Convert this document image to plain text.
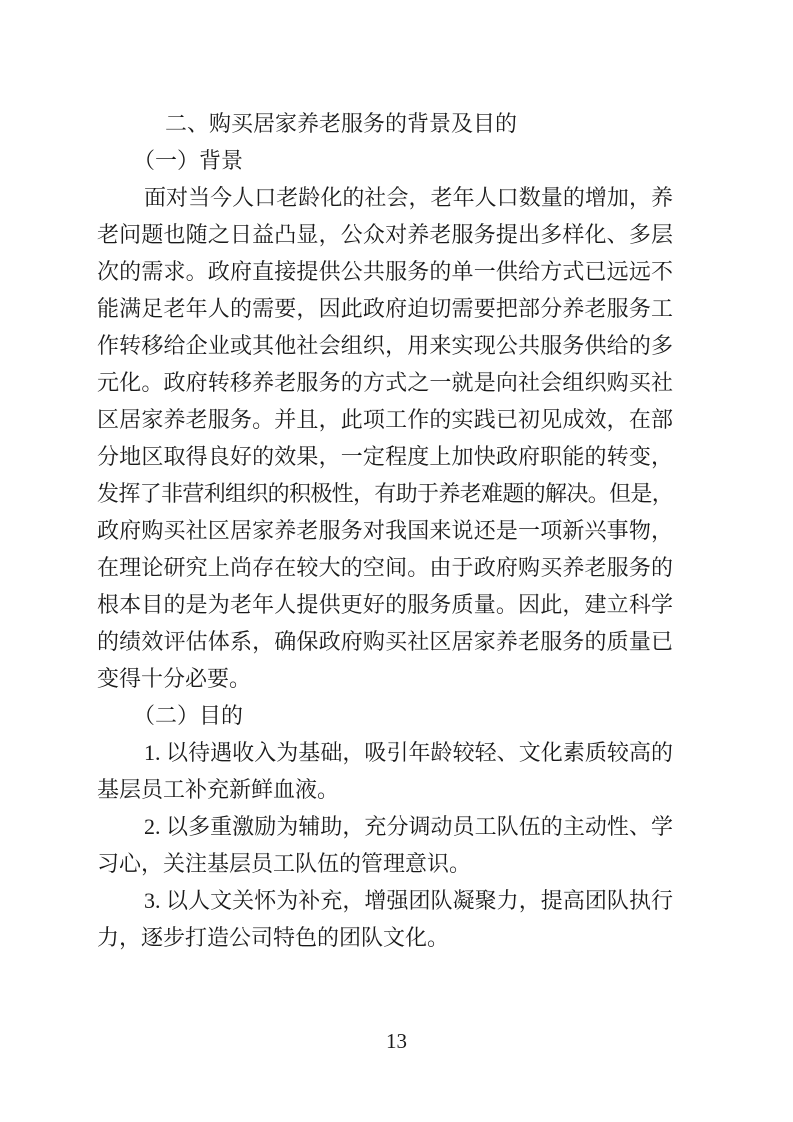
二、购买居家养老服务的背景及目的
（一）背景
面对当今人口老龄化的社会，老年人口数量的增加，养
老问题也随之日益凸显，公众对养老服务提出多样化、多层
次的需求。政府直接提供公共服务的单一供给方式已远远不
能满足老年人的需要，因此政府迫切需要把部分养老服务工
作转移给企业或其他社会组织，用来实现公共服务供给的多
元化。政府转移养老服务的方式之一就是向社会组织购买社
区居家养老服务。并且，此项工作的实践已初见成效，在部
分地区取得良好的效果，一定程度上加快政府职能的转变，
发挥了非营利组织的积极性，有助于养老难题的解决。但是，
政府购买社区居家养老服务对我国来说还是一项新兴事物，
在理论研究上尚存在较大的空间。由于政府购买养老服务的
根本目的是为老年人提供更好的服务质量。因此，建立科学
的绩效评估体系，确保政府购买社区居家养老服务的质量已
变得十分必要。
（二）目的
1. 以待遇收入为基础，吸引年龄较轻、文化素质较高的
基层员工补充新鲜血液。
2. 以多重激励为辅助，充分调动员工队伍的主动性、学
习心，关注基层员工队伍的管理意识。
3. 以人文关怀为补充，增强团队凝聚力，提高团队执行
力，逐步打造公司特色的团队文化。
13
